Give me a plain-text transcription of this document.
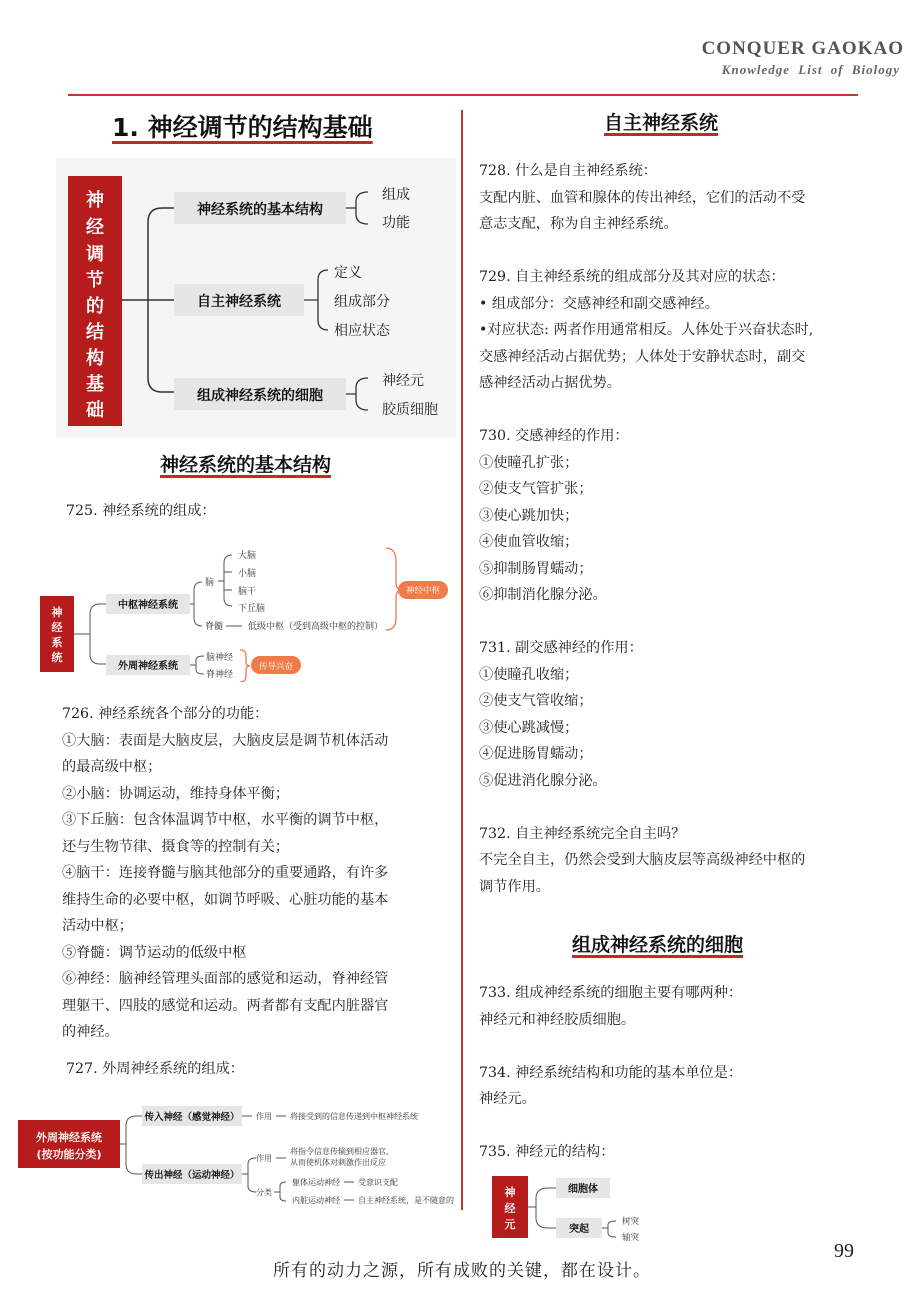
CONQUER GAOKAO
Knowledge List of Biology
1. 神经调节的结构基础
神
经
调
节
的
结
构
基
础
神经系统的基本结构
自主神经系统
组成神经系统的细胞
组成
功能
定义
组成部分
相应状态
神经元
胶质细胞
神经系统的基本结构
725. 神经系统的组成：
神
经
系
统
中枢神经系统
外周神经系统
脑
脊髓
大脑
小脑
脑干
下丘脑
低级中枢（受到高级中枢的控制）
神经中枢
脑神经
脊神经
传导兴奋
726. 神经系统各个部分的功能：
①大脑：表面是大脑皮层，大脑皮层是调节机体活动
的最高级中枢；
②小脑：协调运动，维持身体平衡；
③下丘脑：包含体温调节中枢，水平衡的调节中枢，
还与生物节律、摄食等的控制有关；
④脑干：连接脊髓与脑其他部分的重要通路，有许多
维持生命的必要中枢，如调节呼吸、心脏功能的基本
活动中枢；
⑤脊髓：调节运动的低级中枢
⑥神经：脑神经管理头面部的感觉和运动，脊神经管
理躯干、四肢的感觉和运动。两者都有支配内脏器官
的神经。
727. 外周神经系统的组成：
外周神经系统
(按功能分类)
传入神经（感觉神经）
传出神经（运动神经）
作用 将接受到的信息传递到中枢神经系统
作用
将指令信息传输到相应器官,
从而使机体对刺激作出反应
分类
躯体运动神经 受意识支配
内脏运动神经 自主神经系统，是不随意的
自主神经系统
728. 什么是自主神经系统：
支配内脏、血管和腺体的传出神经，它们的活动不受
意志支配，称为自主神经系统。
729. 自主神经系统的组成部分及其对应的状态：
• 组成部分：交感神经和副交感神经。
•对应状态: 两者作用通常相反。人体处于兴奋状态时,
交感神经活动占据优势；人体处于安静状态时，副交
感神经活动占据优势。
730. 交感神经的作用：
①使瞳孔扩张；
②使支气管扩张；
③使心跳加快；
④使血管收缩；
⑤抑制肠胃蠕动；
⑥抑制消化腺分泌。
731. 副交感神经的作用：
①使瞳孔收缩；
②使支气管收缩；
③使心跳减慢；
④促进肠胃蠕动；
⑤促进消化腺分泌。
732. 自主神经系统完全自主吗？
不完全自主，仍然会受到大脑皮层等高级神经中枢的
调节作用。
组成神经系统的细胞
733. 组成神经系统的细胞主要有哪两种：
神经元和神经胶质细胞。
734. 神经系统结构和功能的基本单位是：
神经元。
735. 神经元的结构：
神
经
元
细胞体
突起
树突
轴突
99
所有的动力之源，所有成败的关键，都在设计。
